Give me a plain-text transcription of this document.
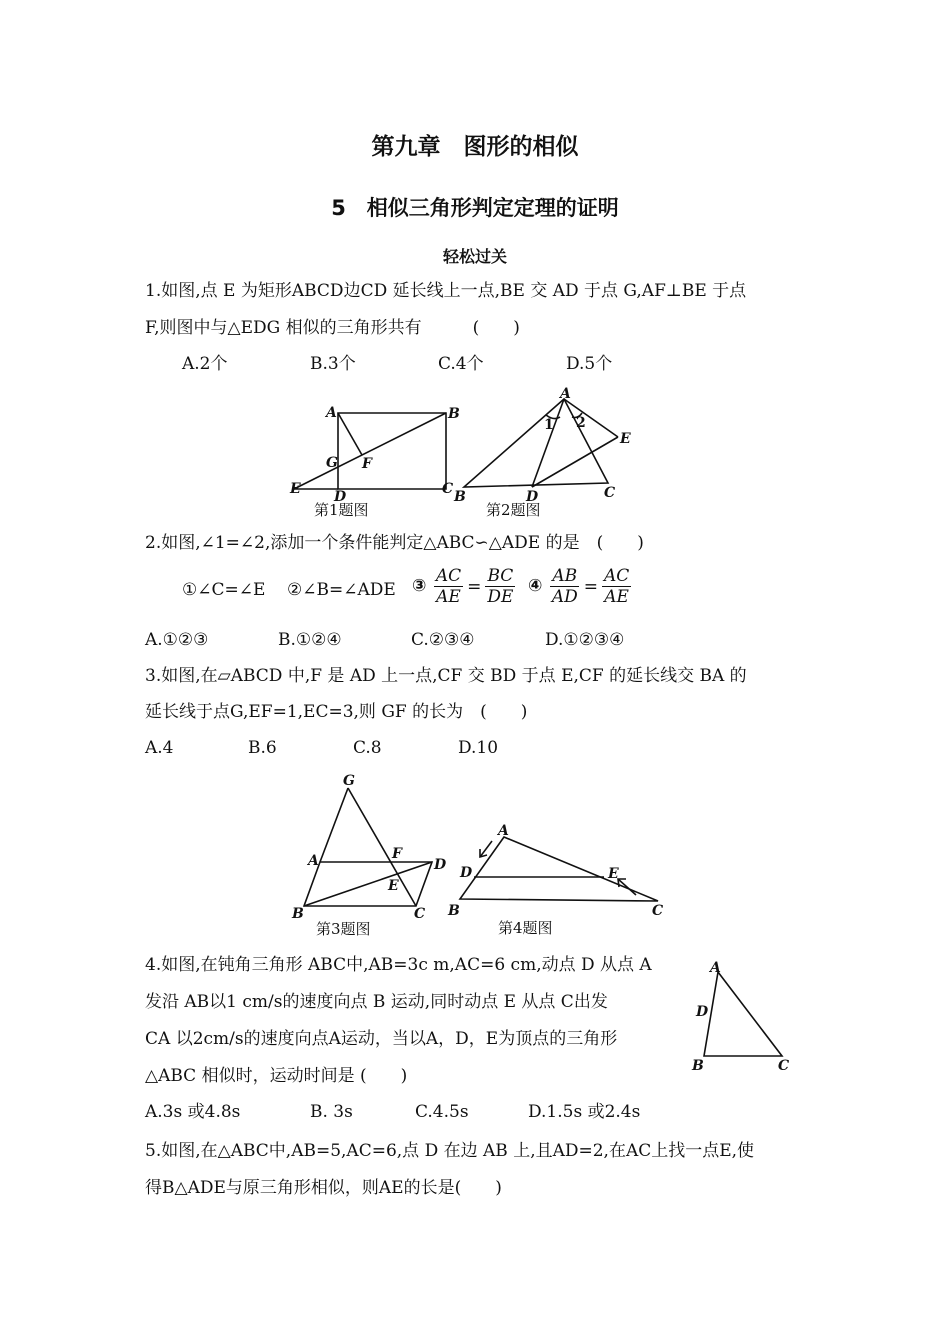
第九章　图形的相似
5　相似三角形判定定理的证明
轻松过关
1.如图,点 E 为矩形ABCD边CD 延长线上一点,BE 交 AD 于点 G,AF⊥BE 于点
F,则图中与△EDG 相似的三角形共有　　　(　　)
A.2个	B.3个	C.4个	D.5个
A	B
G F
E D	C
第1题图
A
1 2
E
B	D	C
第2题图
2.如图,∠1=∠2,添加一个条件能判定△ABC∽△ADE 的是　(　　)
①∠C=∠E ②∠B=∠ADE ③ $\frac{AC}{AE} = \frac{BC}{DE}$ ④ $\frac{AB}{AD} = \frac{AC}{AE}$
A.①②③	B.①②④	C.②③④	D.①②③④
3.如图,在▱ABCD 中,F 是 AD 上一点,CF 交 BD 于点 E,CF 的延长线交 BA 的
延长线于点G,EF=1,EC=3,则 GF 的长为　(　　)
A.4	B.6	C.8	D.10
G
A	F
D
E
B	C
第3题图
A
D	E
B	C
第4题图
4.如图,在钝角三角形 ABC中,AB=3c m,AC=6 cm,动点 D 从点 A
发沿 AB以1 cm/s的速度向点 B 运动,同时动点 E 从点 C出发
CA 以2cm/s的速度向点A运动，当以A，D，E为顶点的三角形
△ABC 相似时，运动时间是 (　　)
A.3s 或4.8s	B. 3s	C.4.5s	D.1.5s 或2.4s
A
D
B	C
5.如图,在△ABC中,AB=5,AC=6,点 D 在边 AB 上,且AD=2,在AC上找一点E,使
得B△ADE与原三角形相似，则AE的长是(　　)
